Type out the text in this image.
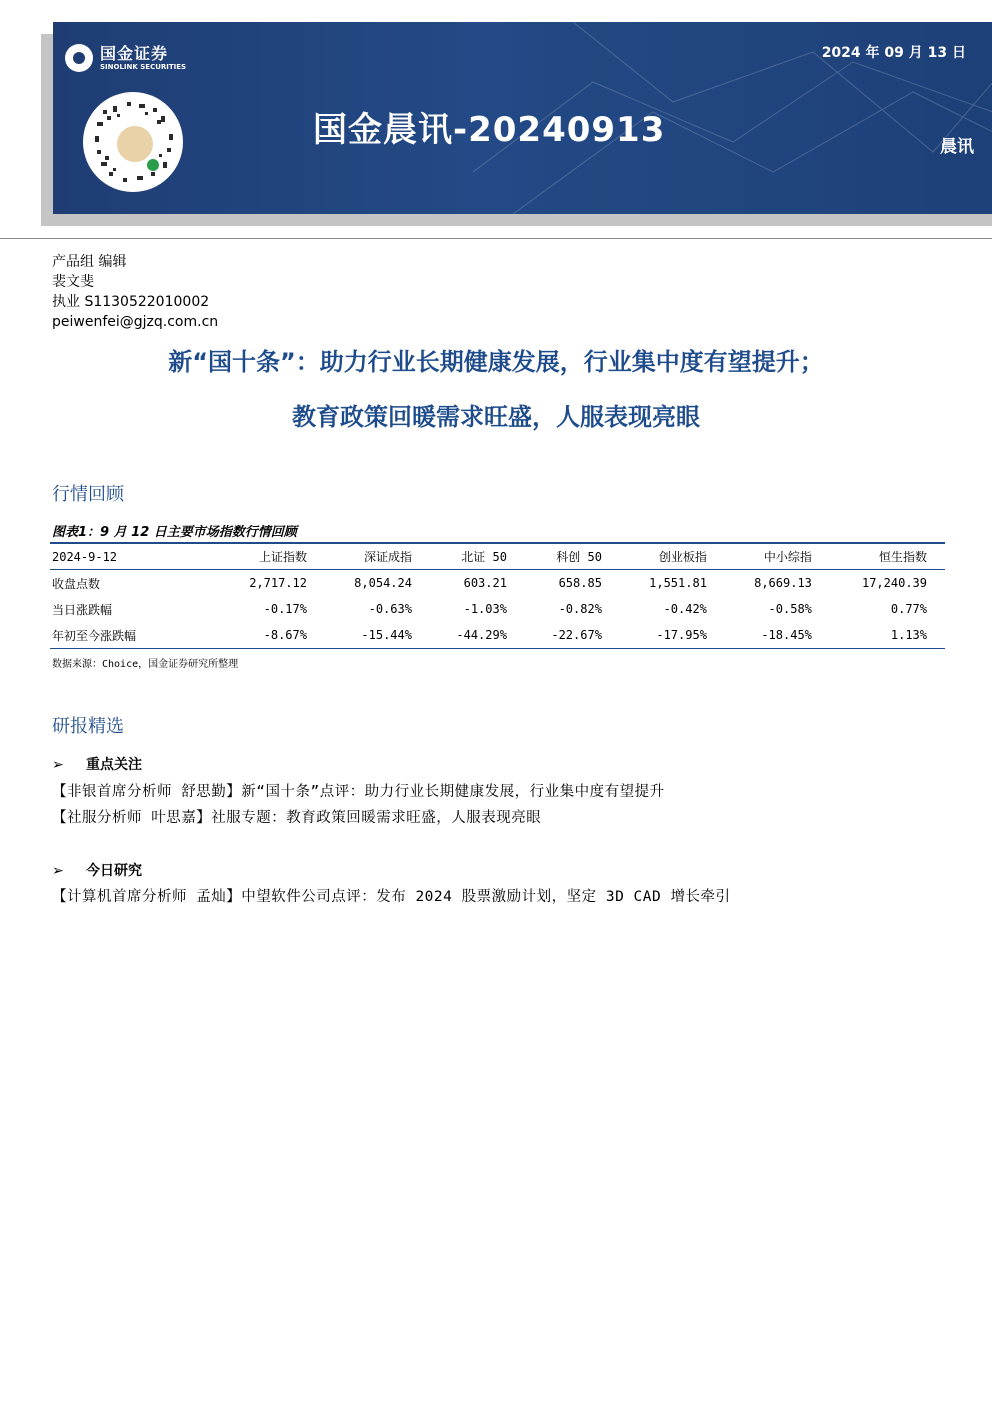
国金证券
SINOLINK SECURITIES
2024 年 09 月 13 日
国金晨讯-20240913	晨讯
产品组 编辑
裴文斐
执业 S1130522010002
peiwenfei@gjzq.com.cn
新“国十条”：助力行业长期健康发展，行业集中度有望提升；
教育政策回暖需求旺盛，人服表现亮眼
行情回顾
图表1：9 月 12 日主要市场指数行情回顾
2024-9-12	上证指数	深证成指	北证 50	科创 50	创业板指	中小综指	恒生指数
收盘点数	2,717.12	8,054.24	603.21	658.85	1,551.81	8,669.13	17,240.39
当日涨跌幅	-0.17%	-0.63%	-1.03%	-0.82%	-0.42%	-0.58%	0.77%
年初至今涨跌幅	-8.67%	-15.44%	-44.29%	-22.67%	-17.95%	-18.45%	1.13%
数据来源：Choice，国金证券研究所整理
研报精选
➢ 重点关注
【非银首席分析师 舒思勤】新“国十条”点评：助力行业长期健康发展，行业集中度有望提升
【社服分析师 叶思嘉】社服专题：教育政策回暖需求旺盛，人服表现亮眼
➢ 今日研究
【计算机首席分析师 孟灿】中望软件公司点评：发布 2024 股票激励计划，坚定 3D CAD 增长牵引
